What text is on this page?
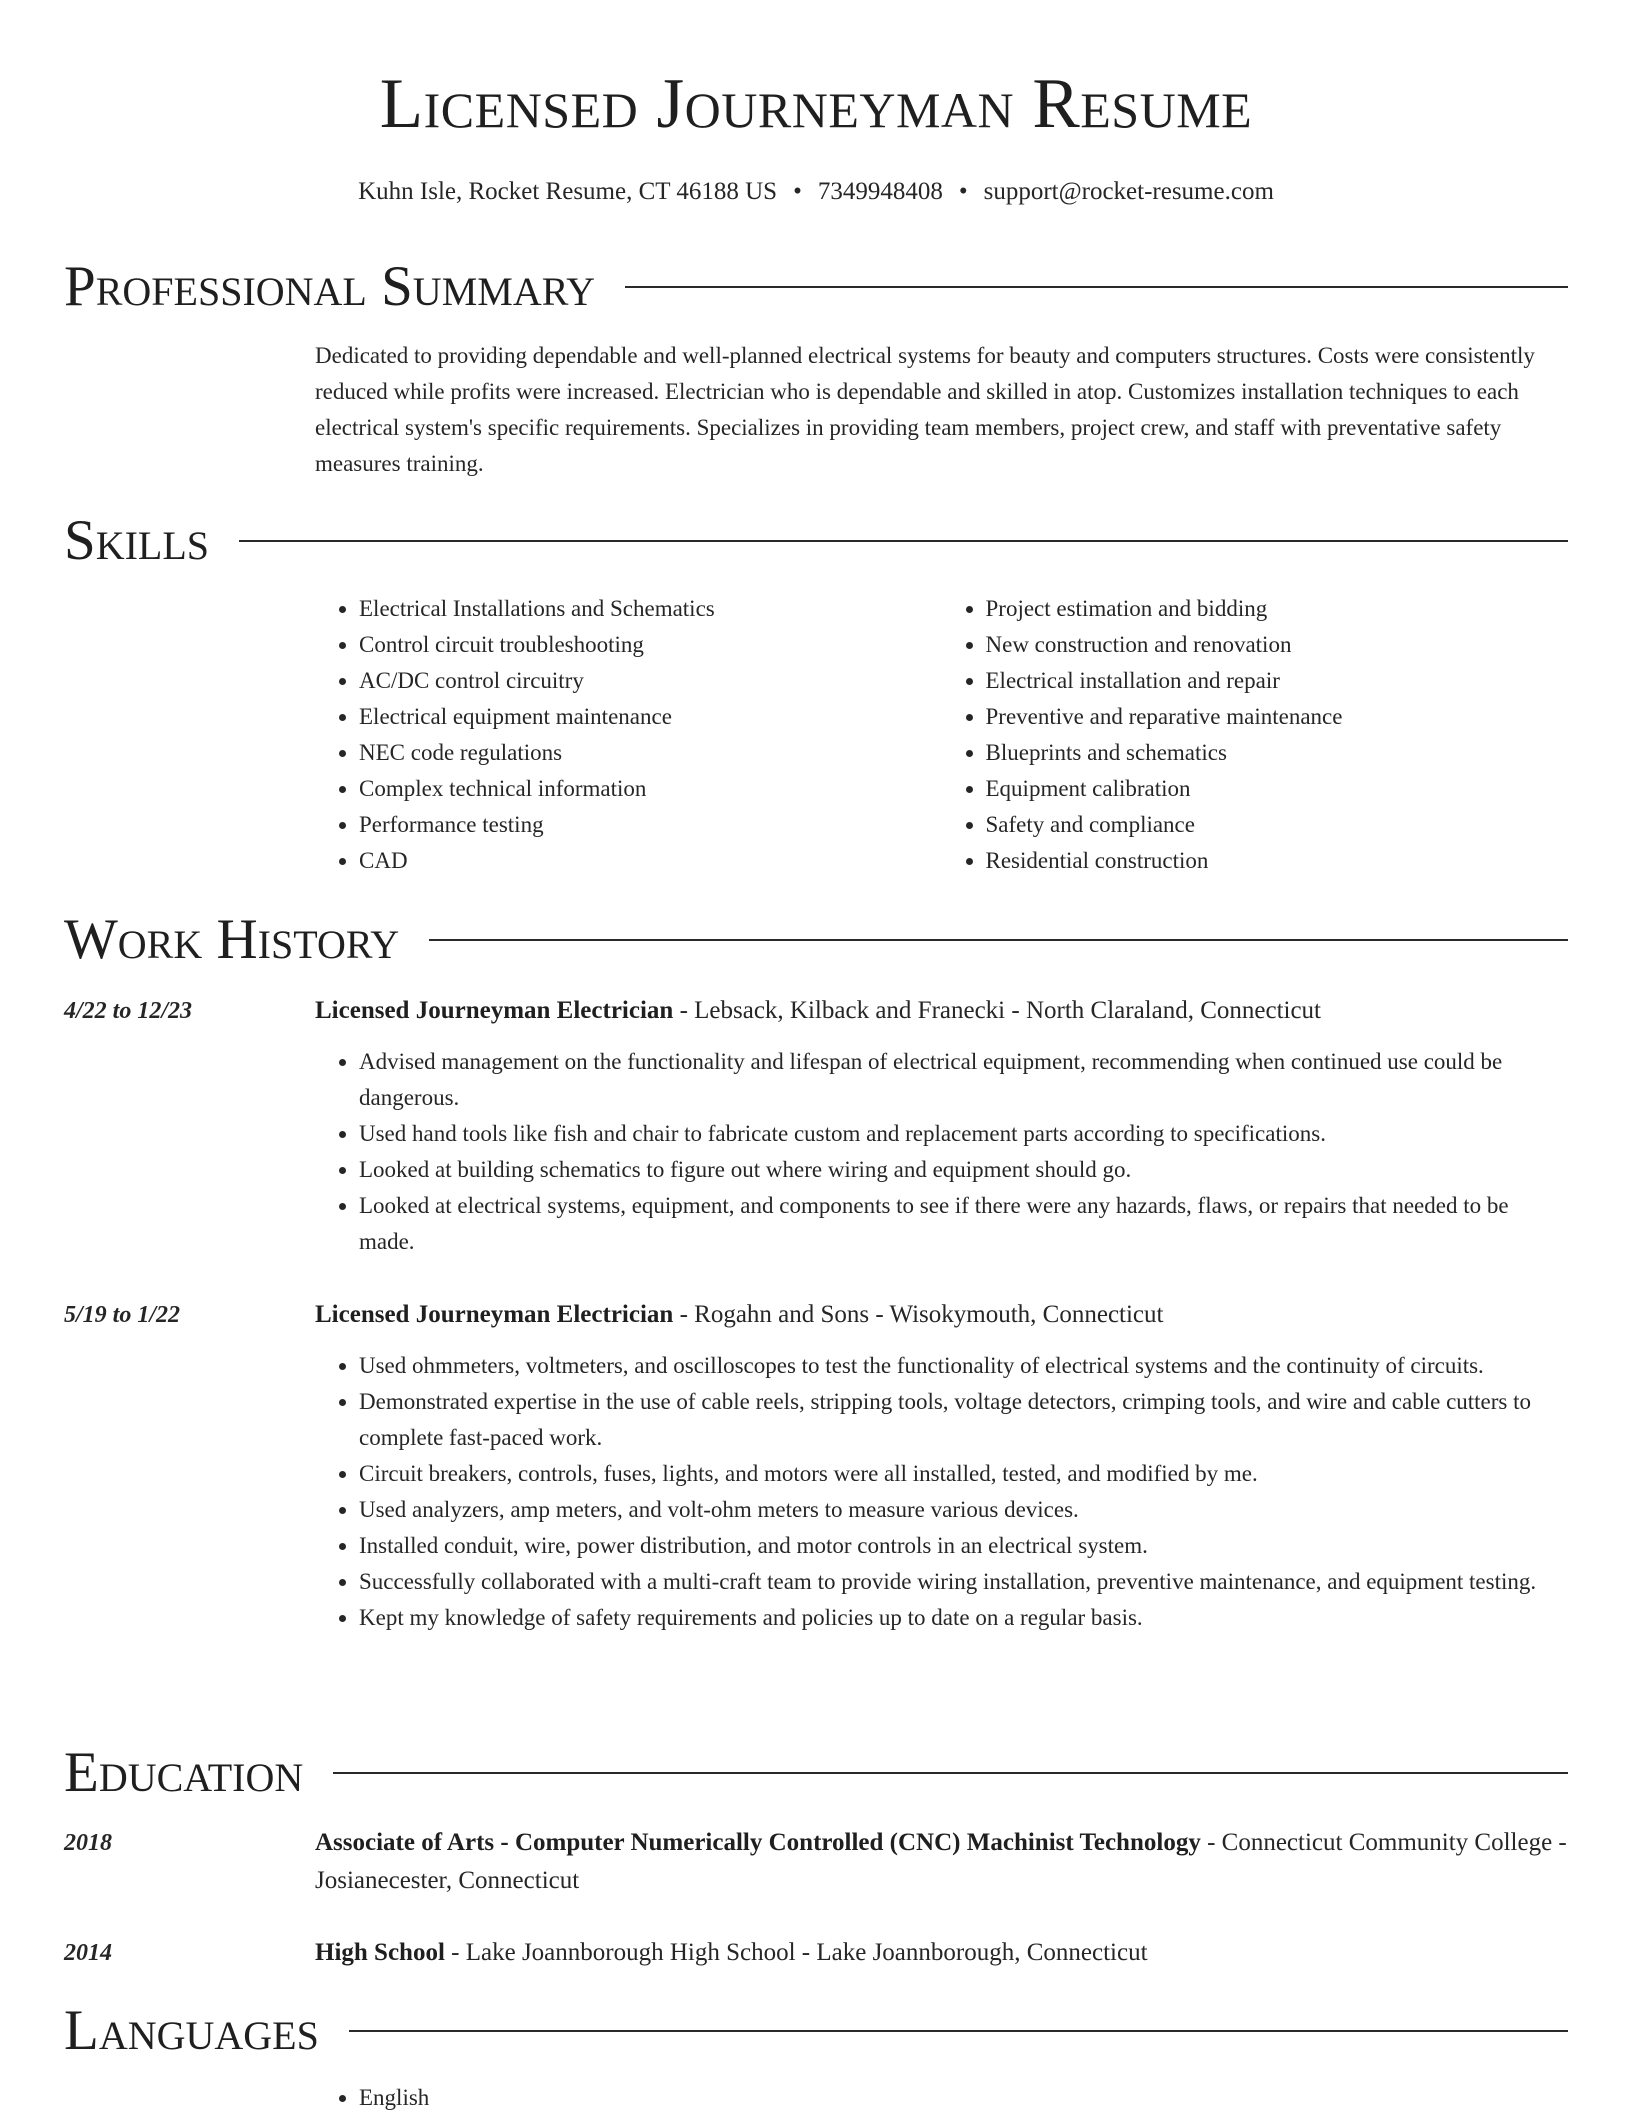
Licensed Journeyman Resume
Kuhn Isle, Rocket Resume, CT 46188 US • 7349948408 • support@rocket-resume.com
Professional Summary

Dedicated to providing dependable and well-planned electrical systems for beauty and computers structures. Costs were consistently reduced while profits were increased. Electrician who is dependable and skilled in atop. Customizes installation techniques to each electrical system's specific requirements. Specializes in providing team members, project crew, and staff with preventative safety measures training.

Skills
• Electrical Installations and Schematics
• Control circuit troubleshooting
• AC/DC control circuitry
• Electrical equipment maintenance
• NEC code regulations
• Complex technical information
• Performance testing
• CAD
• Project estimation and bidding
• New construction and renovation
• Electrical installation and repair
• Preventive and reparative maintenance
• Blueprints and schematics
• Equipment calibration
• Safety and compliance
• Residential construction
Work History
4/22 to 12/23	Licensed Journeyman Electrician - Lebsack, Kilback and Franecki - North Claraland, Connecticut
• Advised management on the functionality and lifespan of electrical equipment, recommending when continued use could be dangerous.
• Used hand tools like fish and chair to fabricate custom and replacement parts according to specifications.
• Looked at building schematics to figure out where wiring and equipment should go.
• Looked at electrical systems, equipment, and components to see if there were any hazards, flaws, or repairs that needed to be made.
5/19 to 1/22	Licensed Journeyman Electrician - Rogahn and Sons - Wisokymouth, Connecticut
• Used ohmmeters, voltmeters, and oscilloscopes to test the functionality of electrical systems and the continuity of circuits.
• Demonstrated expertise in the use of cable reels, stripping tools, voltage detectors, crimping tools, and wire and cable cutters to complete fast-paced work.
• Circuit breakers, controls, fuses, lights, and motors were all installed, tested, and modified by me.
• Used analyzers, amp meters, and volt-ohm meters to measure various devices.
• Installed conduit, wire, power distribution, and motor controls in an electrical system.
• Successfully collaborated with a multi-craft team to provide wiring installation, preventive maintenance, and equipment testing.
• Kept my knowledge of safety requirements and policies up to date on a regular basis.
Education
2018	Associate of Arts - Computer Numerically Controlled (CNC) Machinist Technology - Connecticut Community College - Josianecester, Connecticut
2014	High School - Lake Joannborough High School - Lake Joannborough, Connecticut
Languages
• English
